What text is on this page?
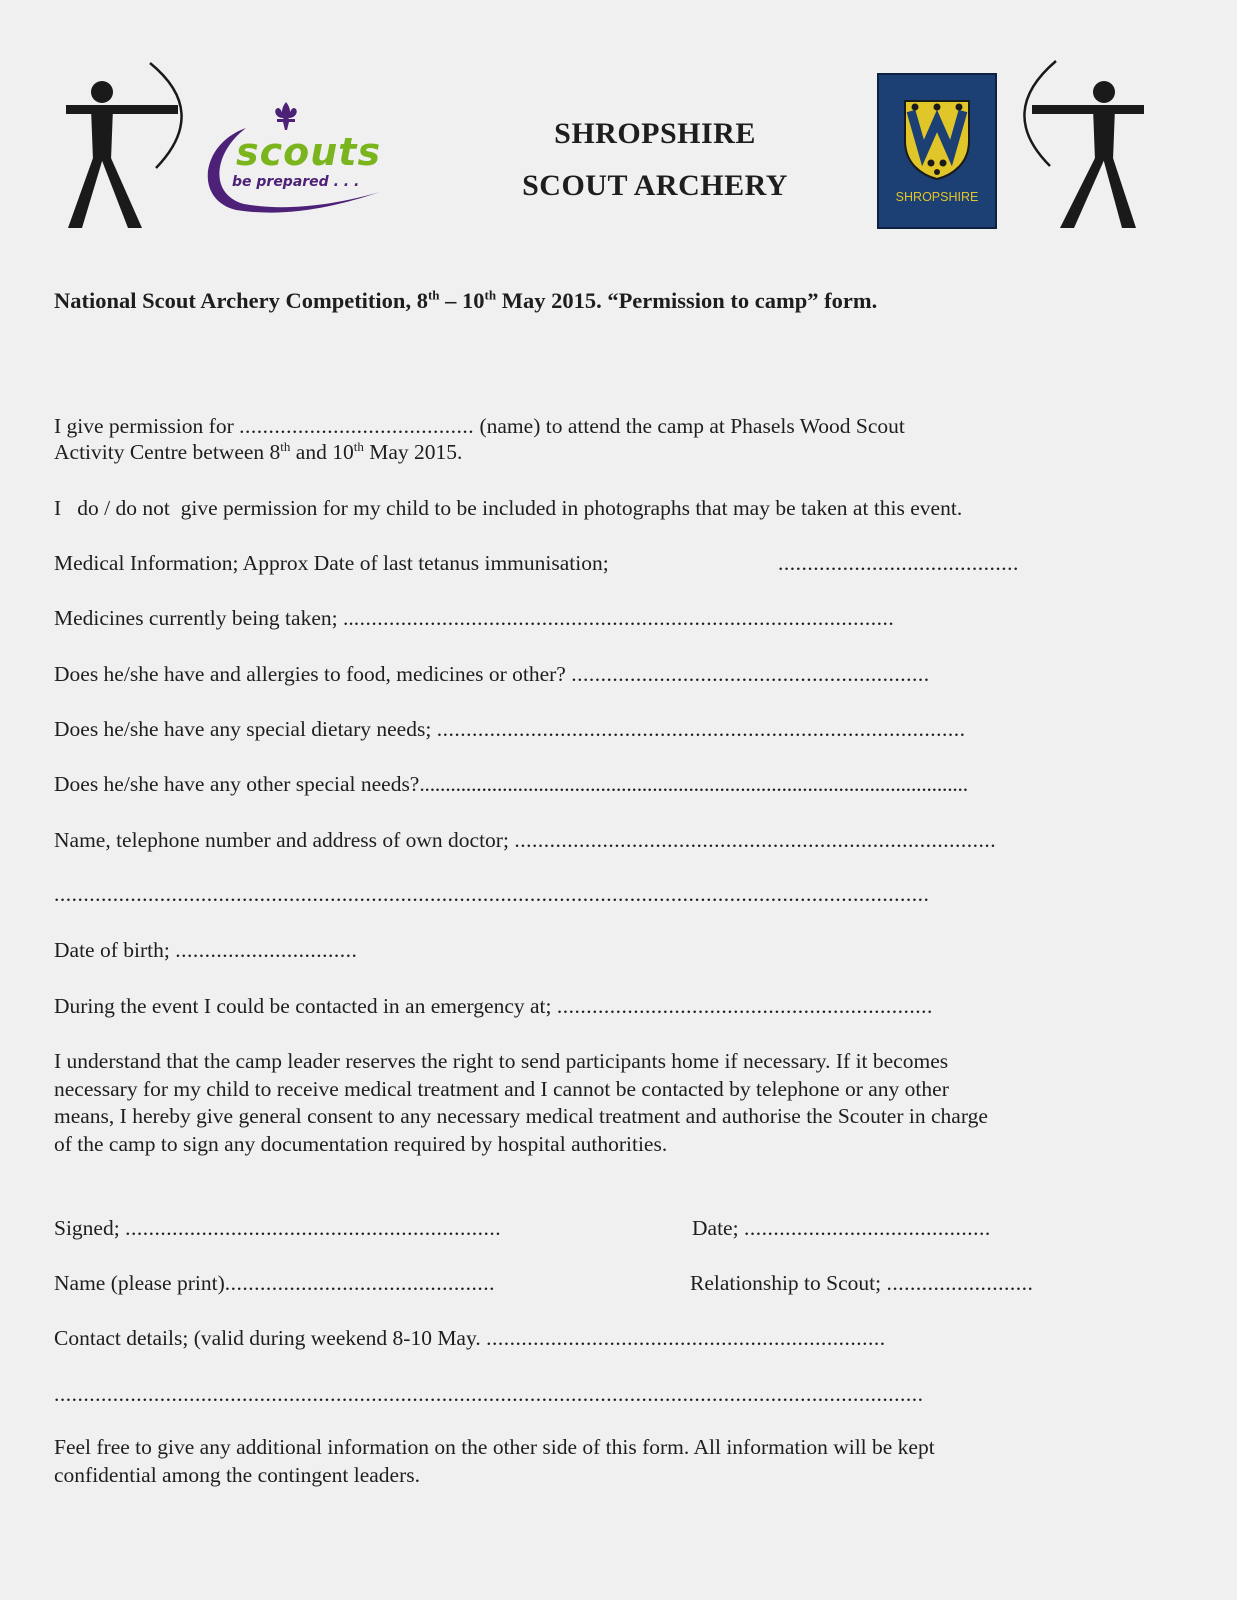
scouts
be prepared . . .
SHROPSHIRE
SCOUT ARCHERY	SHROPSHIRE
National Scout Archery Competition, 8th – 10th May 2015. “Permission to camp” form.
I give permission for ........................................ (name) to attend the camp at Phasels Wood Scout
Activity Centre between 8th and 10th May 2015.
I   do / do not  give permission for my child to be included in photographs that may be taken at this event.
Medical Information; Approx Date of last tetanus immunisation;	.........................................
Medicines currently being taken; ..............................................................................................
Does he/she have and allergies to food, medicines or other? .............................................................
Does he/she have any special dietary needs; ..........................................................................................
Does he/she have any other special needs?..........................................................................................................
Name, telephone number and address of own doctor; ..................................................................................
.....................................................................................................................................................
Date of birth; ...............................
During the event I could be contacted in an emergency at; ................................................................
I understand that the camp leader reserves the right to send participants home if necessary. If it becomes
necessary for my child to receive medical treatment and I cannot be contacted by telephone or any other
means, I hereby give general consent to any necessary medical treatment and authorise the Scouter in charge
of the camp to sign any documentation required by hospital authorities.
Signed; ................................................................	Date; ..........................................
Name (please print)..............................................	Relationship to Scout; .........................
Contact details; (valid during weekend 8-10 May. ....................................................................
....................................................................................................................................................
Feel free to give any additional information on the other side of this form. All information will be kept
confidential among the contingent leaders.
